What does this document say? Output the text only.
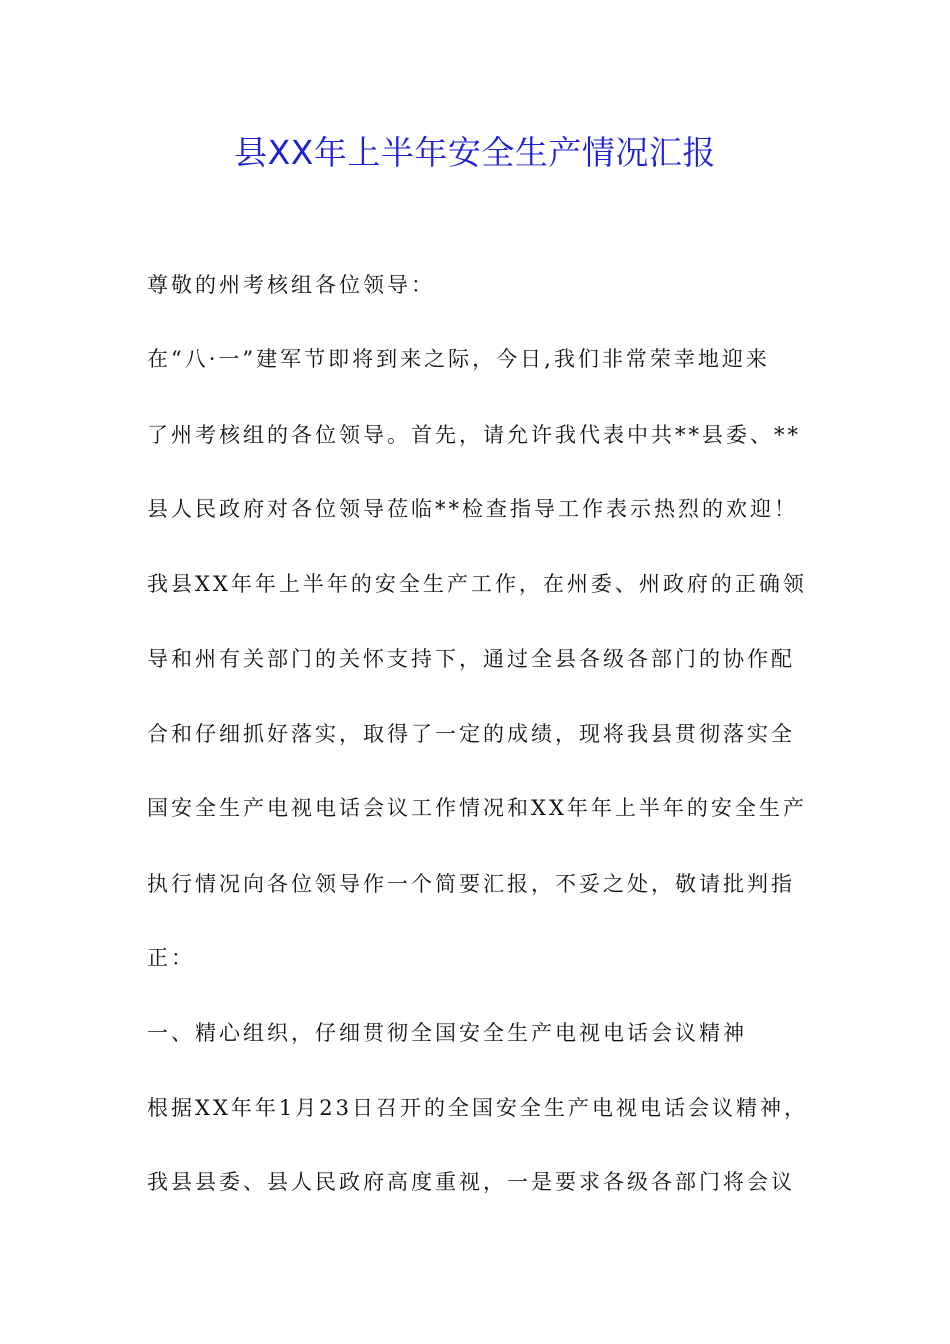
县XX年上半年安全生产情况汇报
尊敬的州考核组各位领导：
在“八·一”建军节即将到来之际，今日,我们非常荣幸地迎来
了州考核组的各位领导。首先，请允许我代表中共**县委、**
县人民政府对各位领导莅临**检查指导工作表示热烈的欢迎！
我县XX年年上半年的安全生产工作，在州委、州政府的正确领
导和州有关部门的关怀支持下，通过全县各级各部门的协作配
合和仔细抓好落实，取得了一定的成绩，现将我县贯彻落实全
国安全生产电视电话会议工作情况和XX年年上半年的安全生产
执行情况向各位领导作一个简要汇报，不妥之处，敬请批判指
正：
一、精心组织，仔细贯彻全国安全生产电视电话会议精神
根据XX年年1月23日召开的全国安全生产电视电话会议精神，
我县县委、县人民政府高度重视，一是要求各级各部门将会议
